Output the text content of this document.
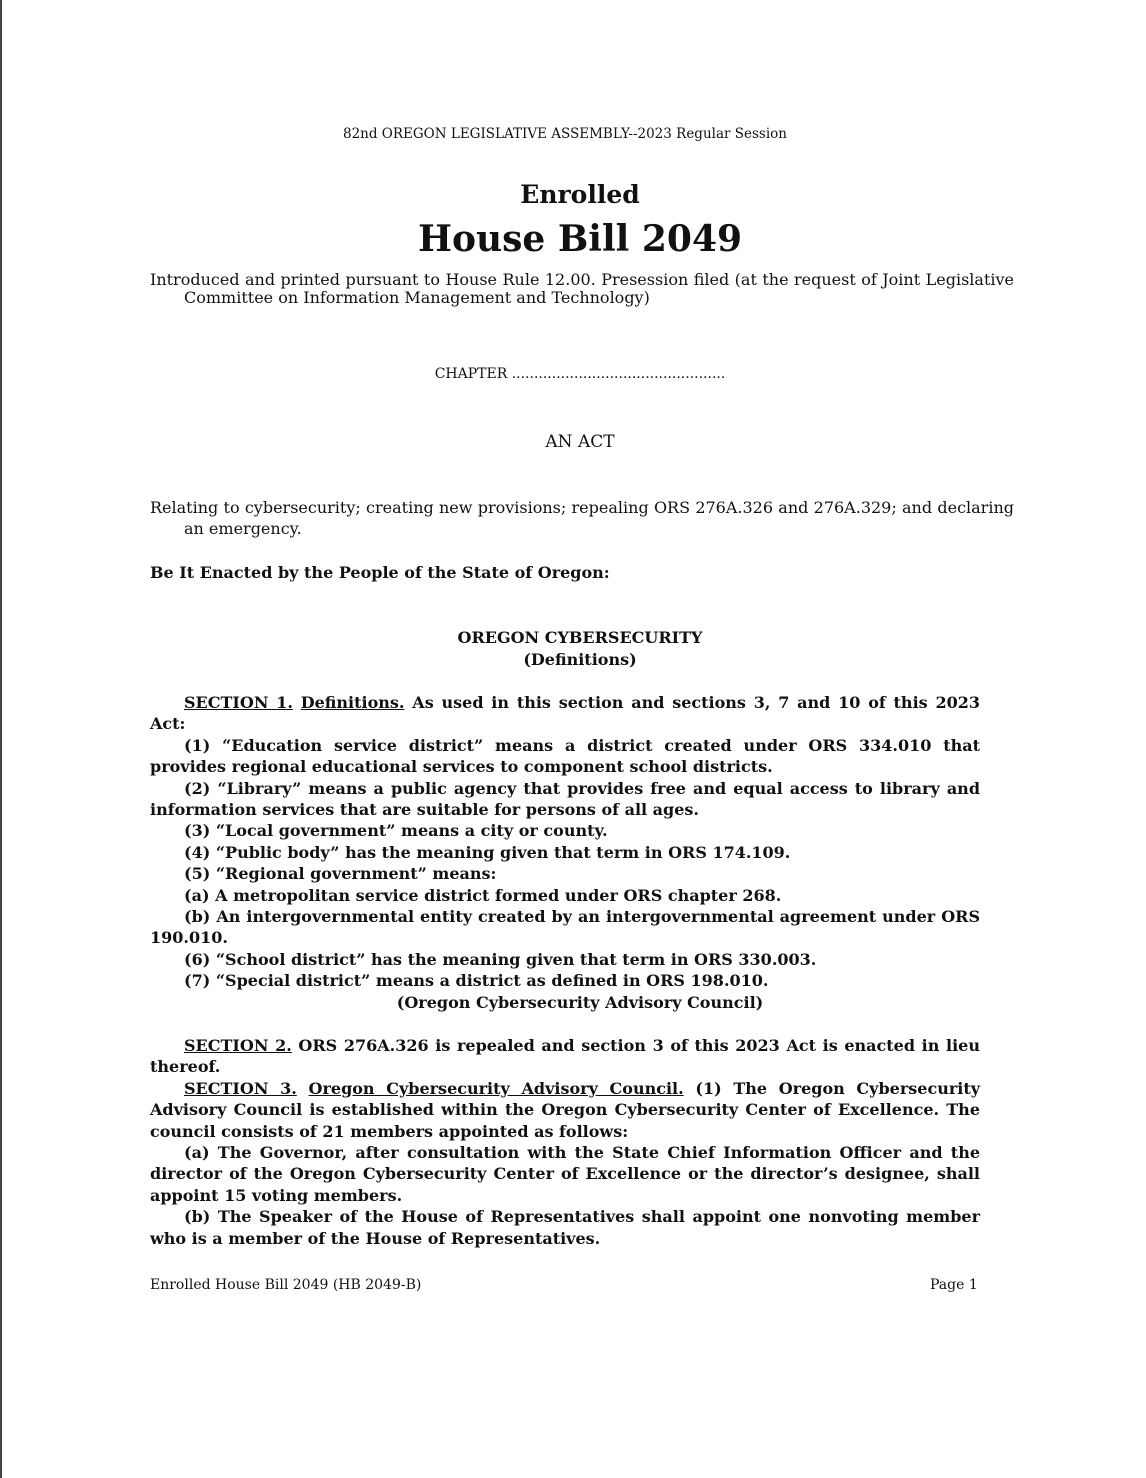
82nd OREGON LEGISLATIVE ASSEMBLY--2023 Regular Session
Enrolled
House Bill 2049
Introduced and printed pursuant to House Rule 12.00. Presession filed (at the request of Joint Legislative Committee on Information Management and Technology)
CHAPTER ................................................
AN ACT
Relating to cybersecurity; creating new provisions; repealing ORS 276A.326 and 276A.329; and declaring an emergency.
Be It Enacted by the People of the State of Oregon:
OREGON CYBERSECURITY
(Definitions)

SECTION 1. Definitions. As used in this section and sections 3, 7 and 10 of this 2023 Act:

(1) “Education service district” means a district created under ORS 334.010 that provides regional educational services to component school districts.

(2) “Library” means a public agency that provides free and equal access to library and information services that are suitable for persons of all ages.

(3) “Local government” means a city or county.

(4) “Public body” has the meaning given that term in ORS 174.109.

(5) “Regional government” means:

(a) A metropolitan service district formed under ORS chapter 268.

(b) An intergovernmental entity created by an intergovernmental agreement under ORS 190.010.

(6) “School district” has the meaning given that term in ORS 330.003.

(7) “Special district” means a district as defined in ORS 198.010.

(Oregon Cybersecurity Advisory Council)

SECTION 2. ORS 276A.326 is repealed and section 3 of this 2023 Act is enacted in lieu thereof.

SECTION 3. Oregon Cybersecurity Advisory Council. (1) The Oregon Cybersecurity Advisory Council is established within the Oregon Cybersecurity Center of Excellence. The council consists of 21 members appointed as follows:

(a) The Governor, after consultation with the State Chief Information Officer and the director of the Oregon Cybersecurity Center of Excellence or the director’s designee, shall appoint 15 voting members.

(b) The Speaker of the House of Representatives shall appoint one nonvoting member who is a member of the House of Representatives.

Enrolled House Bill 2049 (HB 2049-B)	Page 1
